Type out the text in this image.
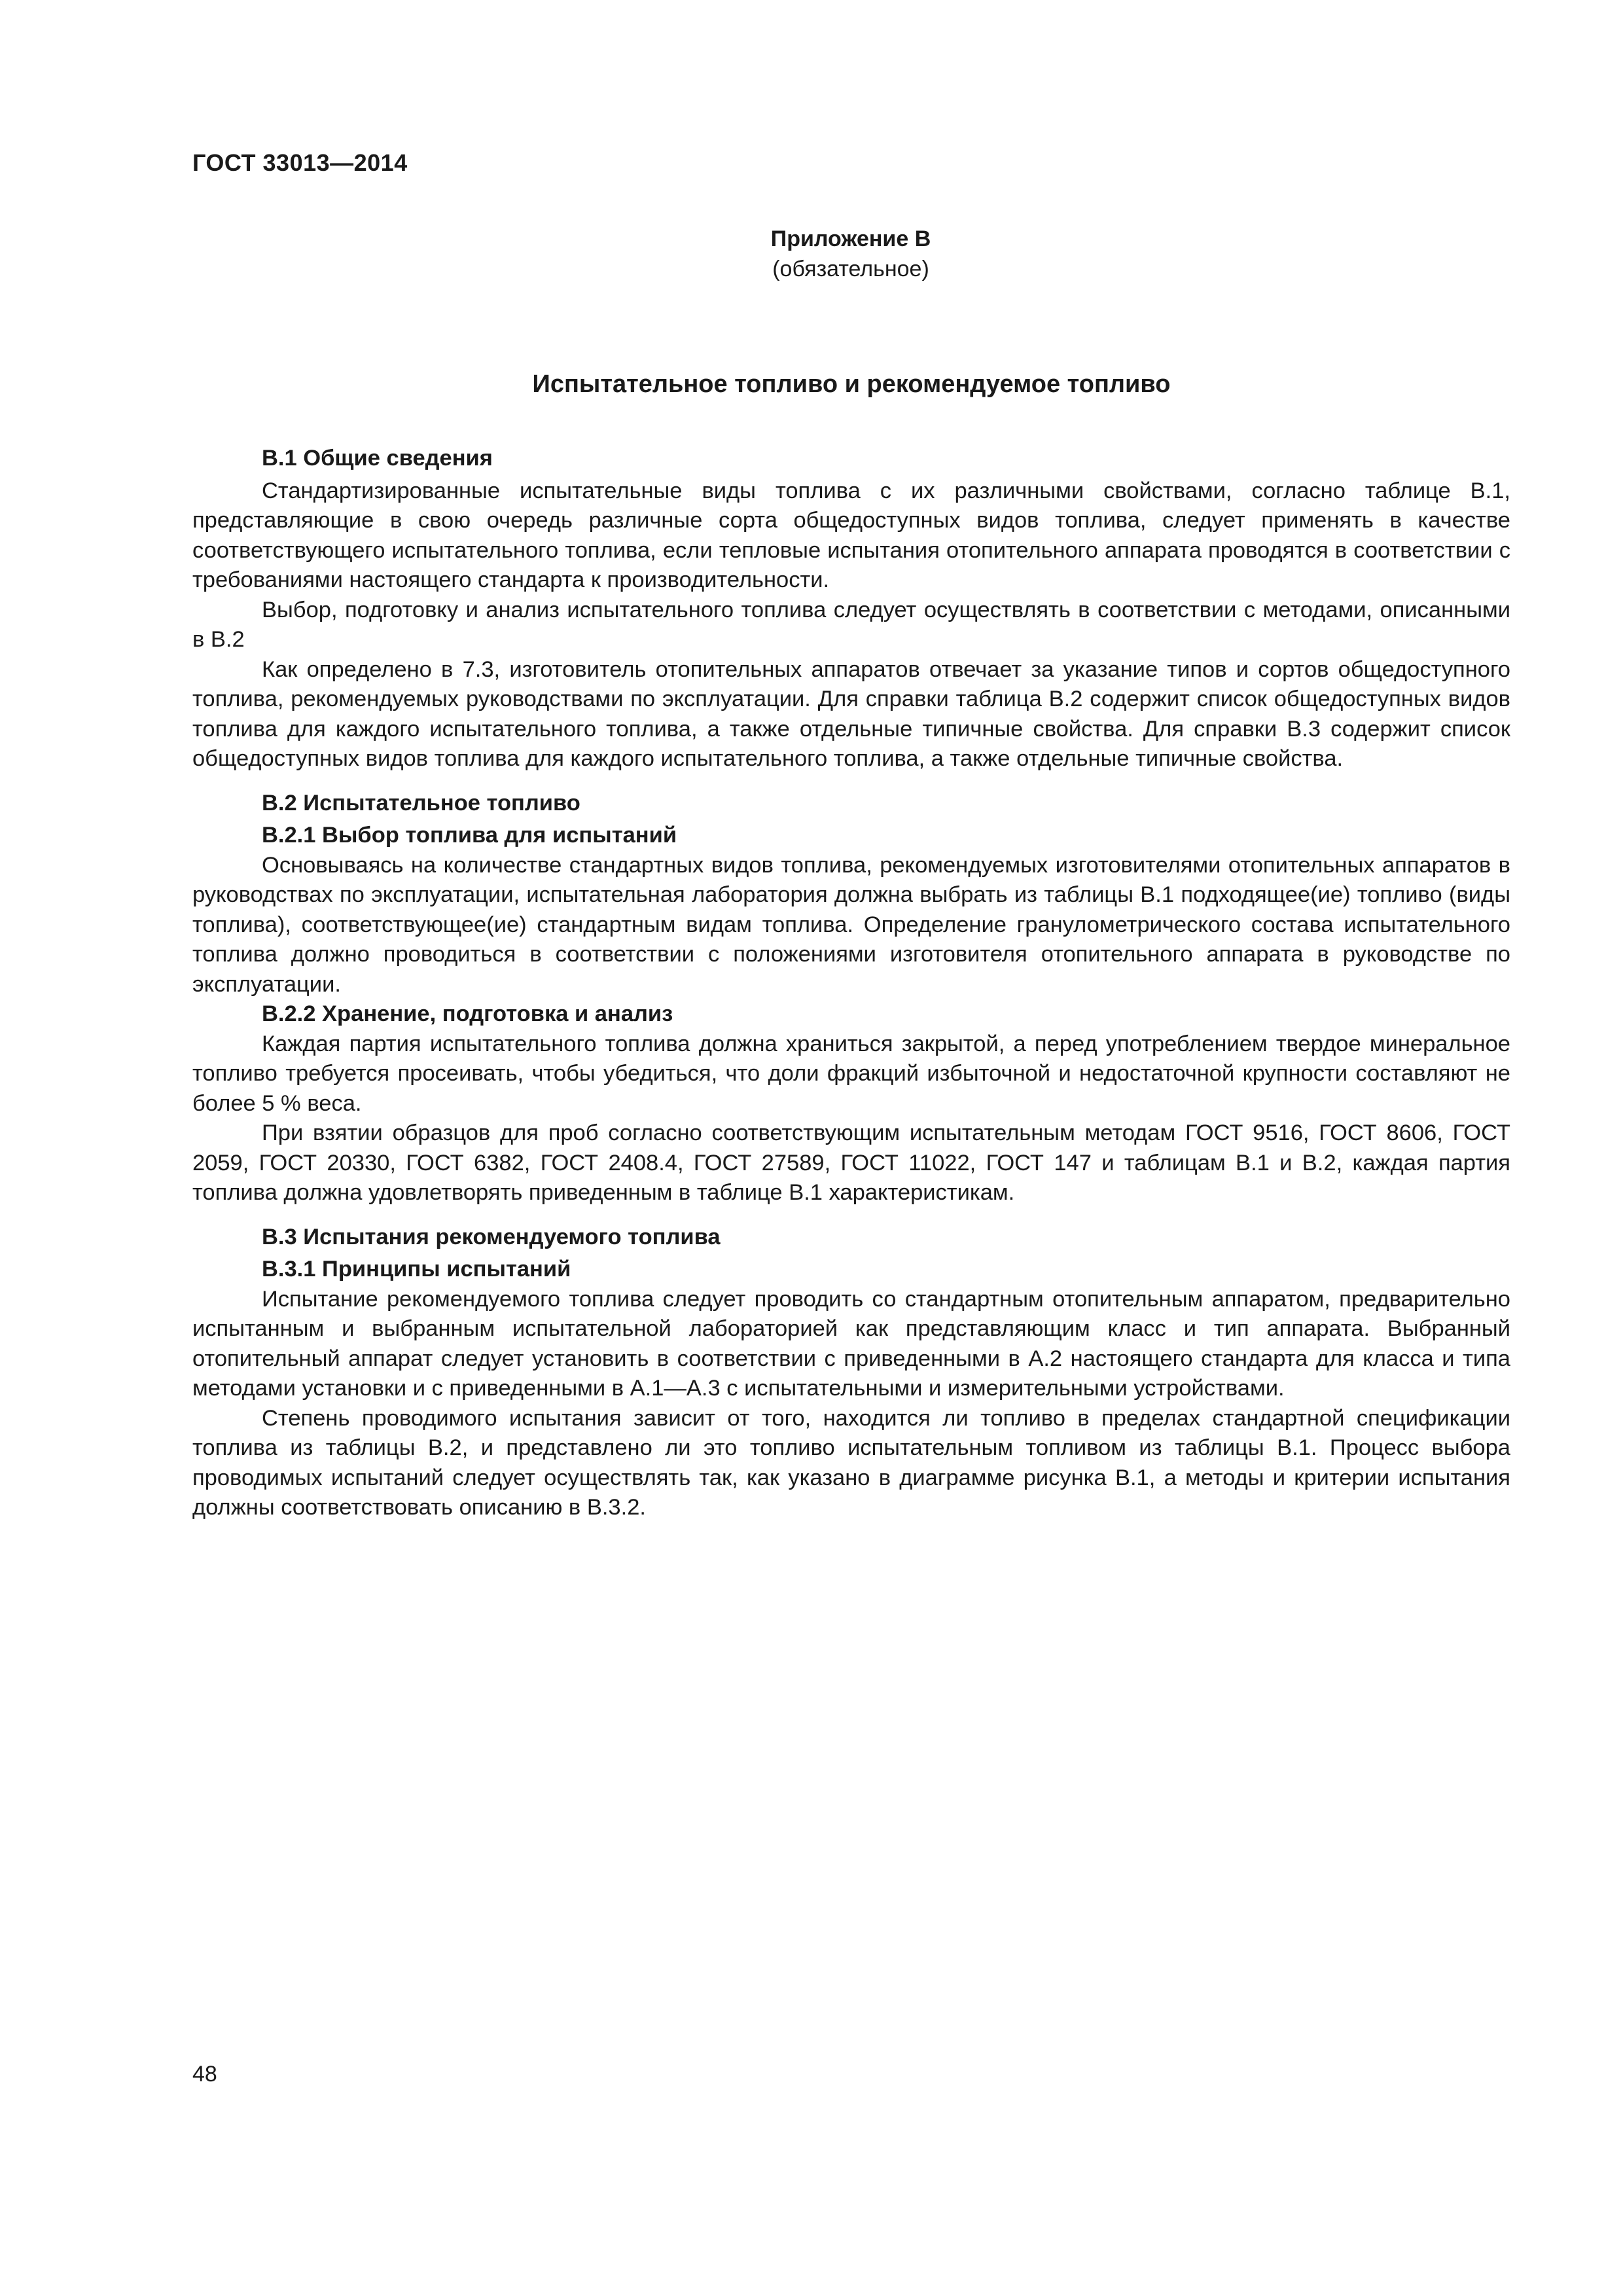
ГОСТ 33013—2014
Приложение В
(обязательное)
Испытательное топливо и рекомендуемое топливо
В.1 Общие сведения

Стандартизированные испытательные виды топлива с их различными свойствами, согласно таблице В.1, представляющие в свою очередь различные сорта общедоступных видов топлива, следует применять в качестве соответствующего испытательного топлива, если тепловые испытания отопительного аппарата проводятся в соответствии с требованиями настоящего стандарта к производительности.

Выбор, подготовку и анализ испытательного топлива следует осуществлять в соответствии с методами, описанными в В.2

Как определено в 7.3, изготовитель отопительных аппаратов отвечает за указание типов и сортов общедоступного топлива, рекомендуемых руководствами по эксплуатации. Для справки таблица В.2 содержит список общедоступных видов топлива для каждого испытательного топлива, а также отдельные типичные свойства. Для справки В.3 содержит список общедоступных видов топлива для каждого испытательного топлива, а также отдельные типичные свойства.

В.2 Испытательное топливо
В.2.1 Выбор топлива для испытаний

Основываясь на количестве стандартных видов топлива, рекомендуемых изготовителями отопительных аппаратов в руководствах по эксплуатации, испытательная лаборатория должна выбрать из таблицы В.1 подходящее(ие) топливо (виды топлива), соответствующее(ие) стандартным видам топлива. Определение гранулометрического состава испытательного топлива должно проводиться в соответствии с положениями изготовителя отопительного аппарата в руководстве по эксплуатации.

В.2.2 Хранение, подготовка и анализ

Каждая партия испытательного топлива должна храниться закрытой, а перед употреблением твердое минеральное топливо требуется просеивать, чтобы убедиться, что доли фракций избыточной и недостаточной крупности составляют не более 5 % веса.

При взятии образцов для проб согласно соответствующим испытательным методам ГОСТ 9516, ГОСТ 8606, ГОСТ 2059, ГОСТ 20330, ГОСТ 6382, ГОСТ 2408.4, ГОСТ 27589, ГОСТ 11022, ГОСТ 147 и таблицам В.1 и В.2, каждая партия топлива должна удовлетворять приведенным в таблице В.1 характеристикам.

В.3 Испытания рекомендуемого топлива
В.3.1 Принципы испытаний

Испытание рекомендуемого топлива следует проводить со стандартным отопительным аппаратом, предварительно испытанным и выбранным испытательной лабораторией как представляющим класс и тип аппарата. Выбранный отопительный аппарат следует установить в соответствии с приведенными в А.2 настоящего стандарта для класса и типа методами установки и с приведенными в А.1—А.3 с испытательными и измерительными устройствами.

Степень проводимого испытания зависит от того, находится ли топливо в пределах стандартной спецификации топлива из таблицы В.2, и представлено ли это топливо испытательным топливом из таблицы В.1. Процесс выбора проводимых испытаний следует осуществлять так, как указано в диаграмме рисунка В.1, а методы и критерии испытания должны соответствовать описанию в В.3.2.

48
